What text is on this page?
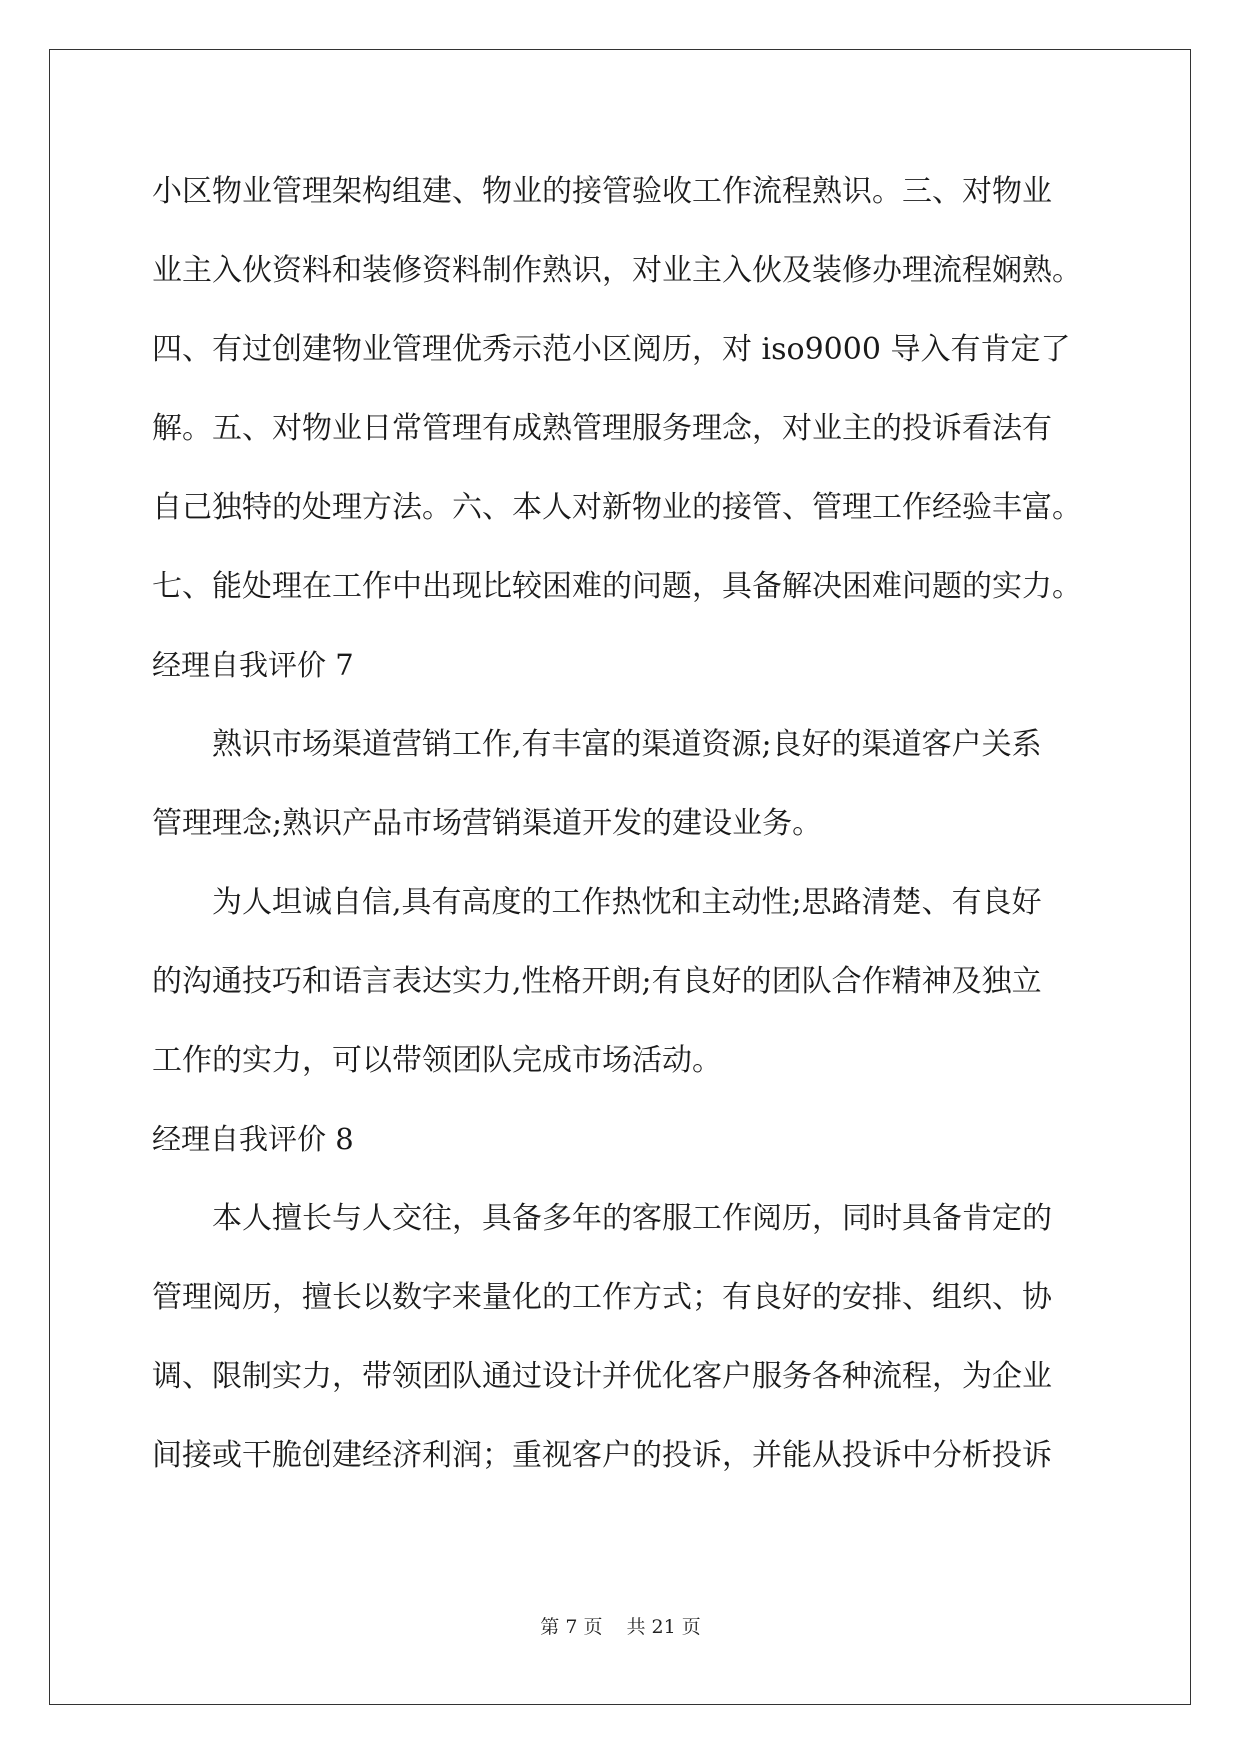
小区物业管理架构组建、物业的接管验收工作流程熟识。三、对物业
业主入伙资料和装修资料制作熟识，对业主入伙及装修办理流程娴熟。
四、有过创建物业管理优秀示范小区阅历，对 iso9000 导入有肯定了
解。五、对物业日常管理有成熟管理服务理念，对业主的投诉看法有
自己独特的处理方法。六、本人对新物业的接管、管理工作经验丰富。
七、能处理在工作中出现比较困难的问题，具备解决困难问题的实力。
经理自我评价 7
熟识市场渠道营销工作,有丰富的渠道资源;良好的渠道客户关系
管理理念;熟识产品市场营销渠道开发的建设业务。
为人坦诚自信,具有高度的工作热忱和主动性;思路清楚、有良好
的沟通技巧和语言表达实力,性格开朗;有良好的团队合作精神及独立
工作的实力，可以带领团队完成市场活动。
经理自我评价 8
本人擅长与人交往，具备多年的客服工作阅历，同时具备肯定的
管理阅历，擅长以数字来量化的工作方式；有良好的安排、组织、协
调、限制实力，带领团队通过设计并优化客户服务各种流程，为企业
间接或干脆创建经济利润；重视客户的投诉，并能从投诉中分析投诉
第 7 页 共 21 页
